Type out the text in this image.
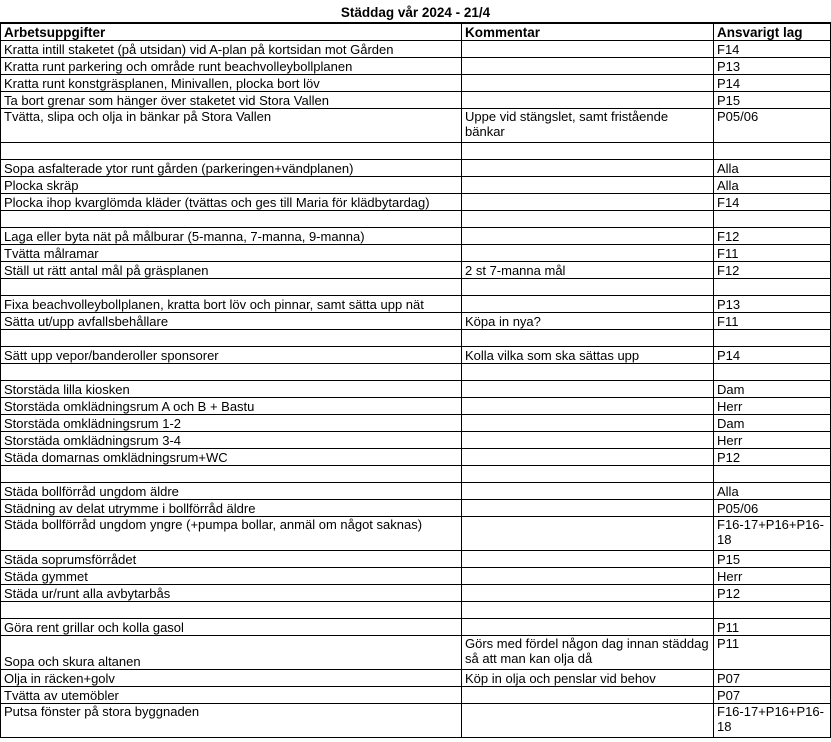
Städdag vår 2024 - 21/4
Arbetsuppgifter	Kommentar	Ansvarigt lag
Kratta intill staketet (på utsidan) vid A-plan på kortsidan mot Gården		F14
Kratta runt parkering och område runt beachvolleybollplanen		P13
Kratta runt konstgräsplanen, Minivallen, plocka bort löv		P14
Ta bort grenar som hänger över staketet vid Stora Vallen		P15
Tvätta, slipa och olja in bänkar på Stora Vallen	Uppe vid stängslet, samt fristående bänkar	P05/06

Sopa asfalterade ytor runt gården (parkeringen+vändplanen)		Alla
Plocka skräp		Alla
Plocka ihop kvarglömda kläder (tvättas och ges till Maria för klädbytardag)		F14

Laga eller byta nät på målburar (5-manna, 7-manna, 9-manna)		F12
Tvätta målramar		F11
Ställ ut rätt antal mål på gräsplanen	2 st 7-manna mål	F12

Fixa beachvolleybollplanen, kratta bort löv och pinnar, samt sätta upp nät		P13
Sätta ut/upp avfallsbehållare	Köpa in nya?	F11

Sätt upp vepor/banderoller sponsorer	Kolla vilka som ska sättas upp	P14

Storstäda lilla kiosken		Dam
Storstäda omklädningsrum A och B + Bastu		Herr
Storstäda omklädningsrum 1-2		Dam
Storstäda omklädningsrum 3-4		Herr
Städa domarnas omklädningsrum+WC		P12

Städa bollförråd ungdom äldre		Alla
Städning av delat utrymme i bollförråd äldre		P05/06
Städa bollförråd ungdom yngre (+pumpa bollar, anmäl om något saknas)		F16-17+P16+P16-18
Städa soprumsförrådet		P15
Städa gymmet		Herr
Städa ur/runt alla avbytarbås		P12

Göra rent grillar och kolla gasol		P11
Sopa och skura altanen	Görs med fördel någon dag innan städdag så att man kan olja då	P11
Olja in räcken+golv	Köp in olja och penslar vid behov	P07
Tvätta av utemöbler		P07
Putsa fönster på stora byggnaden		F16-17+P16+P16-18
